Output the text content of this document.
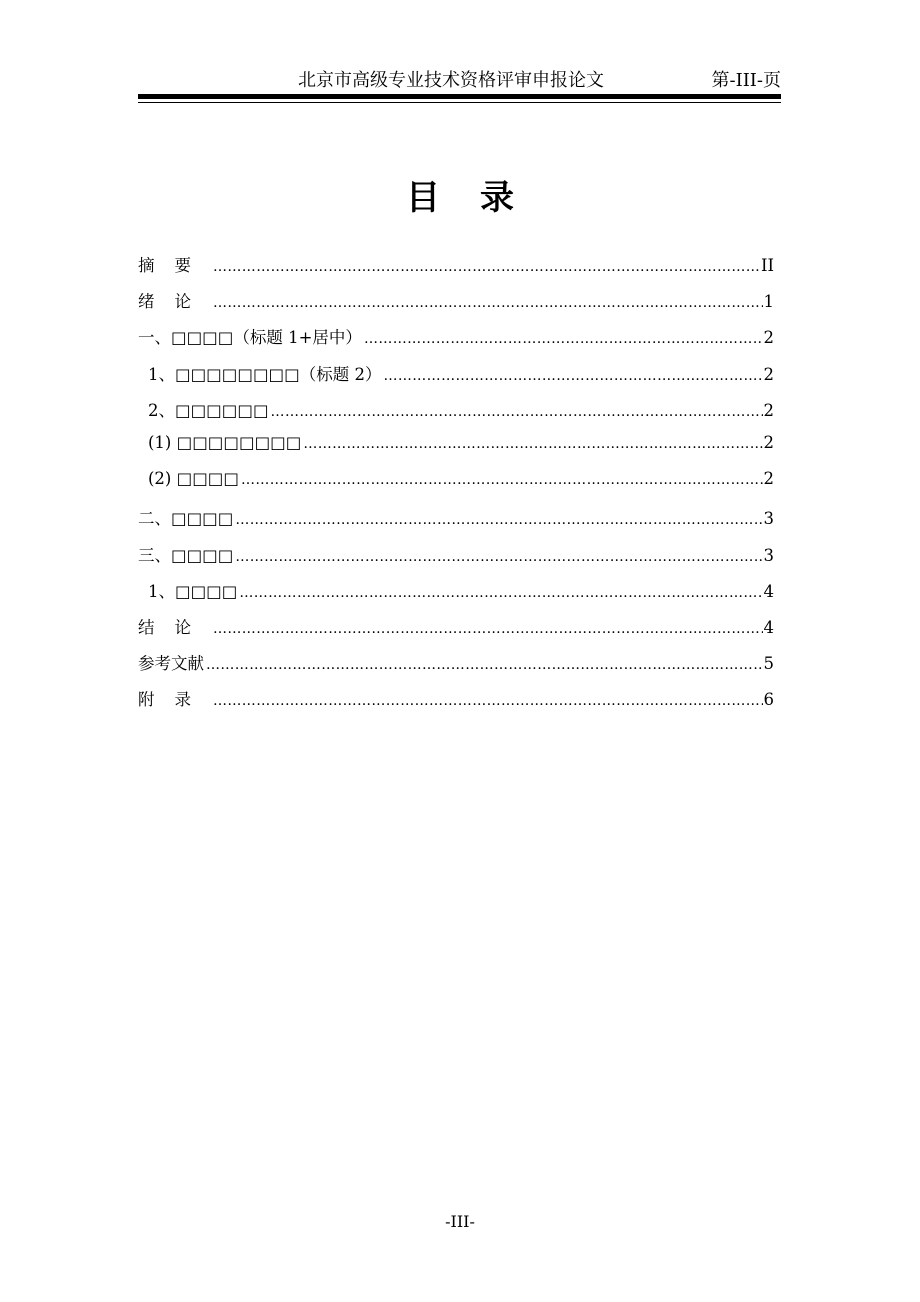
北京市高级专业技术资格评审申报论文	第-III-页
目录
摘要 ……………………………………………………………………………………………………………………………………………………………………………………………………………………	II
绪论 ……………………………………………………………………………………………………………………………………………………………………………………………………………………	1
一、□□□□（标题 1+居中） ……………………………………………………………………………………………………………………………………………………………………………………………………………………	2
1、□□□□□□□□（标题 2） ……………………………………………………………………………………………………………………………………………………………………………………………………………………	2
2、□□□□□□ ……………………………………………………………………………………………………………………………………………………………………………………………………………………	2
(1) □□□□□□□□ ……………………………………………………………………………………………………………………………………………………………………………………………………………………	2
(2) □□□□ ……………………………………………………………………………………………………………………………………………………………………………………………………………………	2
二、□□□□ ……………………………………………………………………………………………………………………………………………………………………………………………………………………	3
三、□□□□ ……………………………………………………………………………………………………………………………………………………………………………………………………………………	3
1、□□□□ ……………………………………………………………………………………………………………………………………………………………………………………………………………………	4
结论 ……………………………………………………………………………………………………………………………………………………………………………………………………………………	4
参考文献 ……………………………………………………………………………………………………………………………………………………………………………………………………………………	5
附录 ……………………………………………………………………………………………………………………………………………………………………………………………………………………	6
-III-
